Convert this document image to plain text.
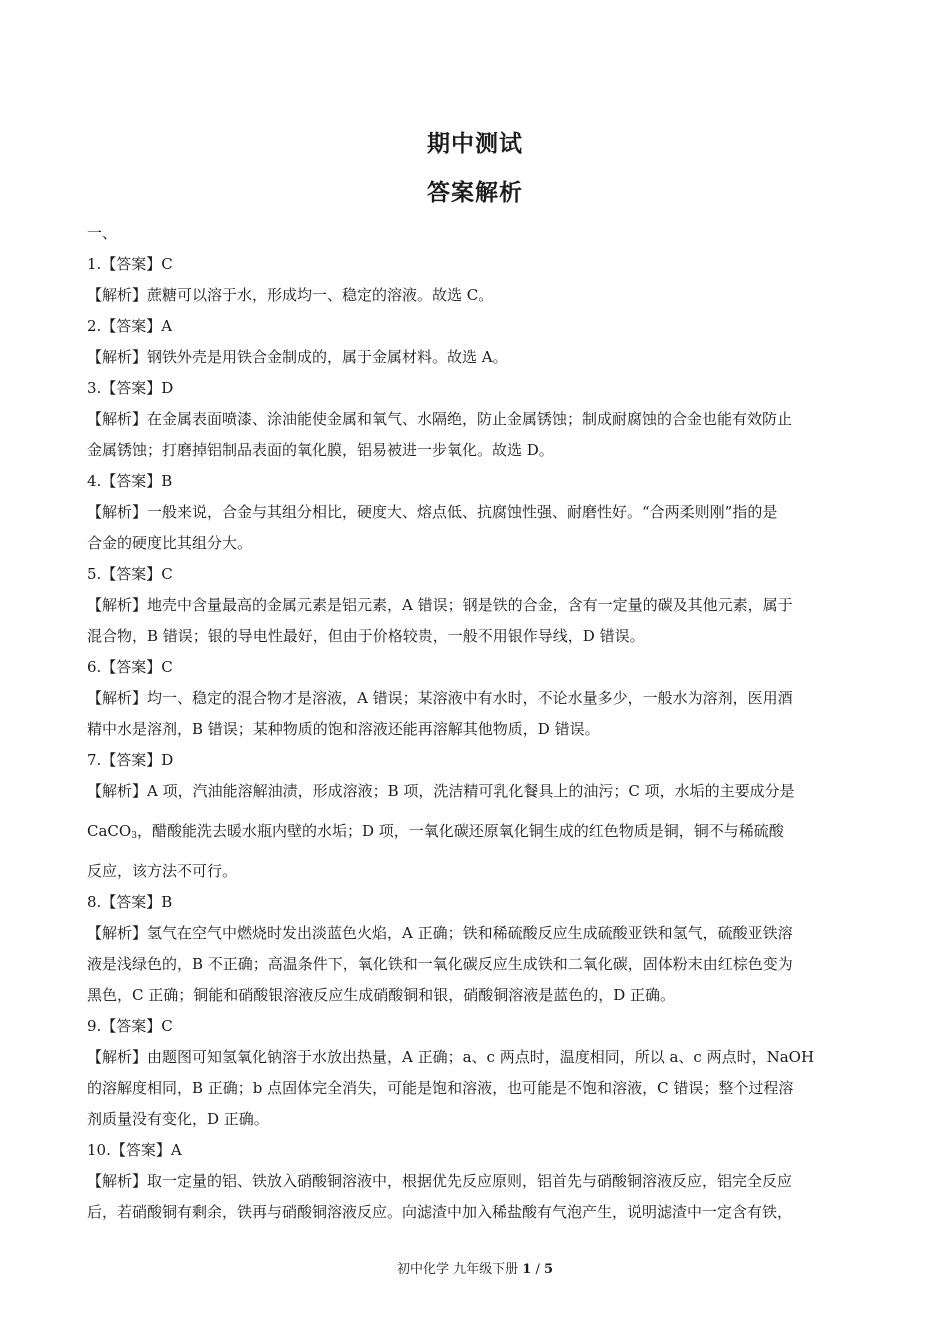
期中测试
答案解析
一、
1.【答案】C
【解析】蔗糖可以溶于水，形成均一、稳定的溶液。故选 C。
2.【答案】A
【解析】钢铁外壳是用铁合金制成的，属于金属材料。故选 A。
3.【答案】D
【解析】在金属表面喷漆、涂油能使金属和氧气、水隔绝，防止金属锈蚀；制成耐腐蚀的合金也能有效防止
金属锈蚀；打磨掉铝制品表面的氧化膜，铝易被进一步氧化。故选 D。
4.【答案】B
【解析】一般来说，合金与其组分相比，硬度大、熔点低、抗腐蚀性强、耐磨性好。“合两柔则刚”指的是
合金的硬度比其组分大。
5.【答案】C
【解析】地壳中含量最高的金属元素是铝元素，A 错误；钢是铁的合金，含有一定量的碳及其他元素，属于
混合物，B 错误；银的导电性最好，但由于价格较贵，一般不用银作导线，D 错误。
6.【答案】C
【解析】均一、稳定的混合物才是溶液，A 错误；某溶液中有水时，不论水量多少，一般水为溶剂，医用酒
精中水是溶剂，B 错误；某种物质的饱和溶液还能再溶解其他物质，D 错误。
7.【答案】D
【解析】A 项，汽油能溶解油渍，形成溶液；B 项，洗洁精可乳化餐具上的油污；C 项，水垢的主要成分是
CaCO$_3$，醋酸能洗去暖水瓶内壁的水垢；D 项，一氧化碳还原氧化铜生成的红色物质是铜，铜不与稀硫酸
反应，该方法不可行。
8.【答案】B
【解析】氢气在空气中燃烧时发出淡蓝色火焰，A 正确；铁和稀硫酸反应生成硫酸亚铁和氢气，硫酸亚铁溶
液是浅绿色的，B 不正确；高温条件下，氧化铁和一氧化碳反应生成铁和二氧化碳，固体粉末由红棕色变为
黑色，C 正确；铜能和硝酸银溶液反应生成硝酸铜和银，硝酸铜溶液是蓝色的，D 正确。
9.【答案】C
【解析】由题图可知氢氧化钠溶于水放出热量，A 正确；a、c 两点时，温度相同，所以 a、c 两点时，NaOH
的溶解度相同，B 正确；b 点固体完全消失，可能是饱和溶液，也可能是不饱和溶液，C 错误；整个过程溶
剂质量没有变化，D 正确。
10.【答案】A
【解析】取一定量的铝、铁放入硝酸铜溶液中，根据优先反应原则，铝首先与硝酸铜溶液反应，铝完全反应
后，若硝酸铜有剩余，铁再与硝酸铜溶液反应。向滤渣中加入稀盐酸有气泡产生，说明滤渣中一定含有铁，
初中化学 九年级下册 1 / 5
